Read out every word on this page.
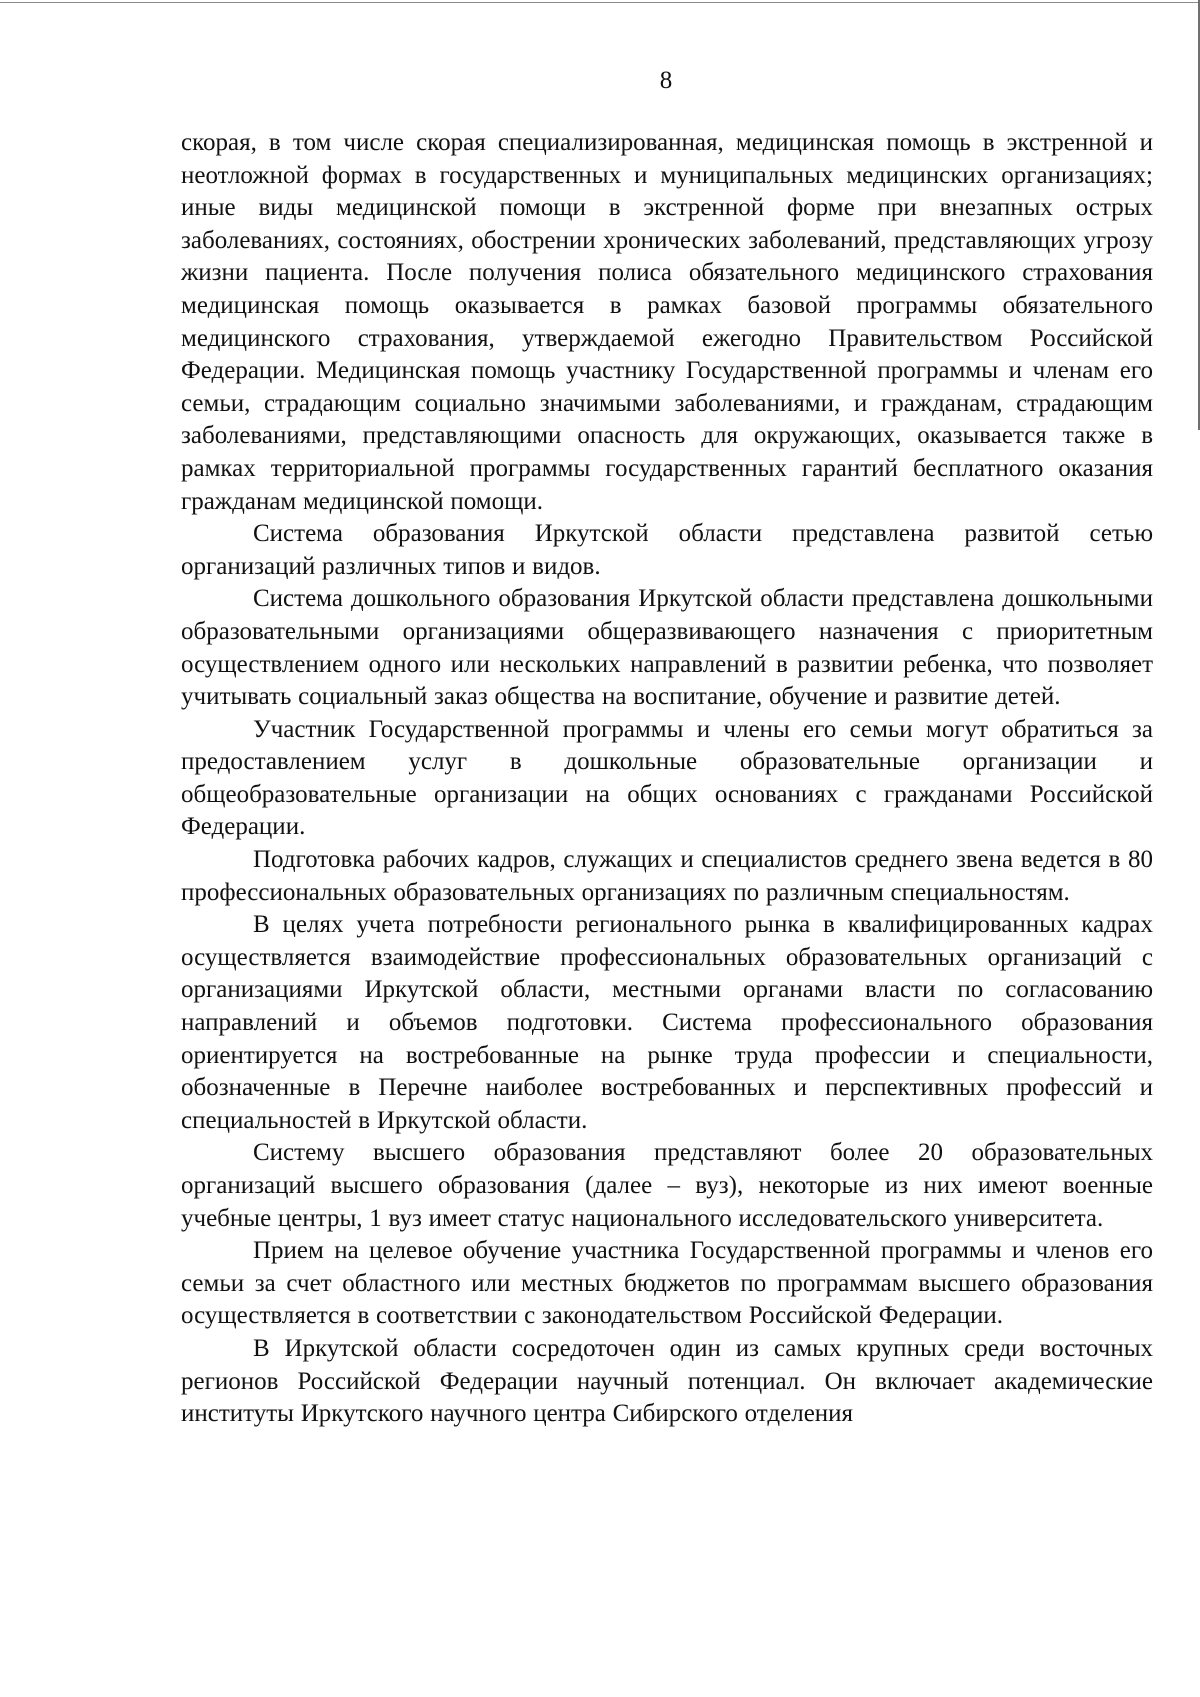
8

скорая, в том числе скорая специализированная, медицинская помощь в экстренной и неотложной формах в государственных и муниципальных медицинских организациях; иные виды медицинской помощи в экстренной форме при внезапных острых заболеваниях, состояниях, обострении хронических заболеваний, представляющих угрозу жизни пациента. После получения полиса обязательного медицинского страхования медицинская помощь оказывается в рамках базовой программы обязательного медицинского страхования, утверждаемой ежегодно Правительством Российской Федерации. Медицинская помощь участнику Государственной программы и членам его семьи, страдающим социально значимыми заболеваниями, и гражданам, страдающим заболеваниями, представляющими опасность для окружающих, оказывается также в рамках территориальной программы государственных гарантий бесплатного оказания гражданам медицинской помощи.

Система образования Иркутской области представлена развитой сетью организаций различных типов и видов.

Система дошкольного образования Иркутской области представлена дошкольными образовательными организациями общеразвивающего назначения с приоритетным осуществлением одного или нескольких направлений в развитии ребенка, что позволяет учитывать социальный заказ общества на воспитание, обучение и развитие детей.

Участник Государственной программы и члены его семьи могут обратиться за предоставлением услуг в дошкольные образовательные организации и общеобразовательные организации на общих основаниях с гражданами Российской Федерации.

Подготовка рабочих кадров, служащих и специалистов среднего звена ведется в 80 профессиональных образовательных организациях по различным специальностям.

В целях учета потребности регионального рынка в квалифицированных кадрах осуществляется взаимодействие профессиональных образовательных организаций с организациями Иркутской области, местными органами власти по согласованию направлений и объемов подготовки. Система профессионального образования ориентируется на востребованные на рынке труда профессии и специальности, обозначенные в Перечне наиболее востребованных и перспективных профессий и специальностей в Иркутской области.

Систему высшего образования представляют более 20 образовательных организаций высшего образования (далее – вуз), некоторые из них имеют военные учебные центры, 1 вуз имеет статус национального исследовательского университета.

Прием на целевое обучение участника Государственной программы и членов его семьи за счет областного или местных бюджетов по программам высшего образования осуществляется в соответствии с законодательством Российской Федерации.

В Иркутской области сосредоточен один из самых крупных среди восточных регионов Российской Федерации научный потенциал. Он включает академические институты Иркутского научного центра Сибирского отделения
